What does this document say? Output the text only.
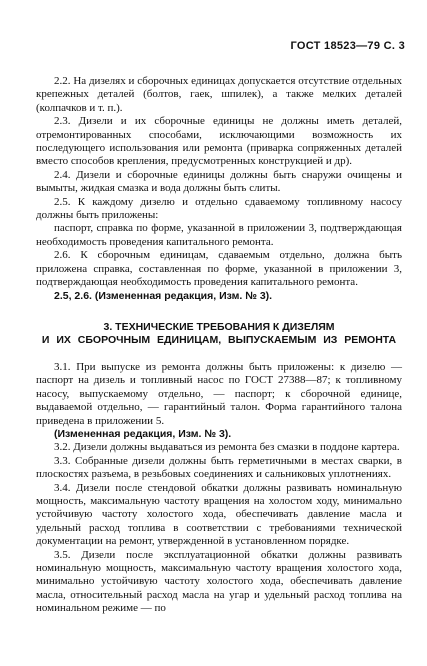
ГОСТ 18523—79 С. 3

2.2. На дизелях и сборочных единицах допускается отсутствие отдельных крепежных деталей (болтов, гаек, шпилек), а также мелких деталей (колпачков и т. п.).

2.3. Дизели и их сборочные единицы не должны иметь деталей, отремонтированных способами, исключающими возможность их последующего использования или ремонта (приварка сопряженных деталей вместо способов крепления, предусмотренных конструкцией и др).

2.4. Дизели и сборочные единицы должны быть снаружи очищены и вымыты, жидкая смазка и вода должны быть слиты.

2.5. К каждому дизелю и отдельно сдаваемому топливному насосу должны быть приложены:

паспорт, справка по форме, указанной в приложении 3, подтверждающая необходимость проведения капитального ремонта.

2.6. К сборочным единицам, сдаваемым отдельно, должна быть приложена справка, составленная по форме, указанной в приложении 3, подтверждающая необходимость проведения капитального ремонта.

2.5, 2.6. (Измененная редакция, Изм. № 3).

3. ТЕХНИЧЕСКИЕ ТРЕБОВАНИЯ К ДИЗЕЛЯМ
И ИХ СБОРОЧНЫМ ЕДИНИЦАМ, ВЫПУСКАЕМЫМ ИЗ РЕМОНТА

3.1. При выпуске из ремонта должны быть приложены: к дизелю — паспорт на дизель и топливный насос по ГОСТ 27388—87; к топливному насосу, выпускаемому отдельно, — паспорт; к сборочной единице, выдаваемой отдельно, — гарантийный талон. Форма гарантийного талона приведена в приложении 5.

(Измененная редакция, Изм. № 3).

3.2. Дизели должны выдаваться из ремонта без смазки в поддоне картера.

3.3. Собранные дизели должны быть герметичными в местах сварки, в плоскостях разъема, в резьбовых соединениях и сальниковых уплотнениях.

3.4. Дизели после стендовой обкатки должны развивать номинальную мощность, максимальную частоту вращения на холостом ходу, минимально устойчивую частоту холостого хода, обеспечивать давление масла и удельный расход топлива в соответствии с требованиями технической документации на ремонт, утвержденной в установленном порядке.

3.5. Дизели после эксплуатационной обкатки должны развивать номинальную мощность, максимальную частоту вращения холостого хода, минимально устойчивую частоту холостого хода, обеспечивать давление масла, относительный расход масла на угар и удельный расход топлива на номинальном режиме — по
